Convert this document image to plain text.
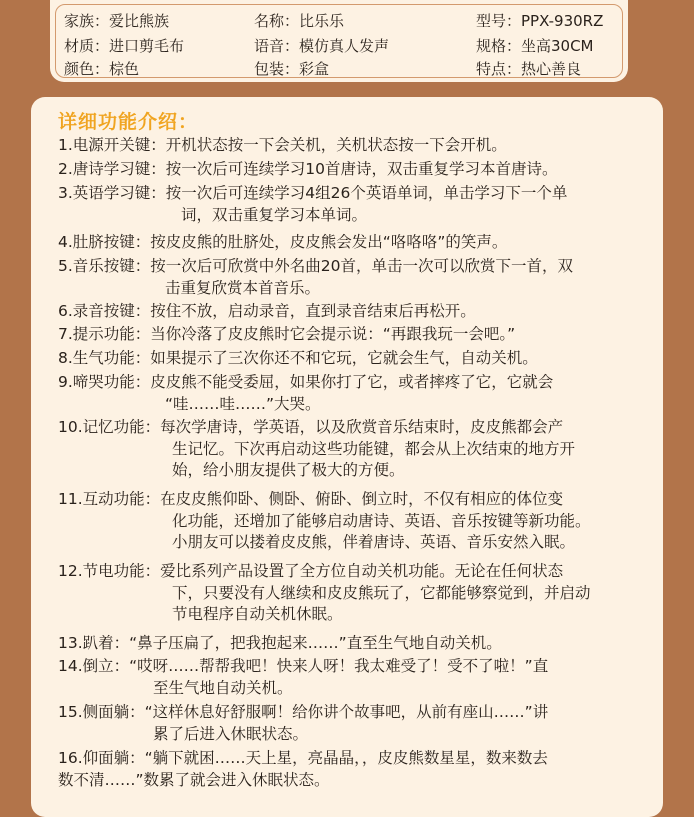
家族：爱比熊族	名称：比乐乐	型号：PPX-930RZ
材质：进口剪毛布	语音：模仿真人发声	规格：坐高30CM
颜色：棕色	包装：彩盒	特点：热心善良
详细功能介绍：
1.电源开关键：开机状态按一下会关机，关机状态按一下会开机。
2.唐诗学习键：按一次后可连续学习10首唐诗，双击重复学习本首唐诗。
3.英语学习键：按一次后可连续学习4组26个英语单词，单击学习下一个单
词，双击重复学习本单词。
4.肚脐按键：按皮皮熊的肚脐处，皮皮熊会发出“咯咯咯”的笑声。
5.音乐按键：按一次后可欣赏中外名曲20首，单击一次可以欣赏下一首，双
击重复欣赏本首音乐。
6.录音按键：按住不放，启动录音，直到录音结束后再松开。
7.提示功能：当你冷落了皮皮熊时它会提示说：“再跟我玩一会吧。”
8.生气功能：如果提示了三次你还不和它玩，它就会生气，自动关机。
9.啼哭功能：皮皮熊不能受委屈，如果你打了它，或者摔疼了它，它就会
“哇……哇……”大哭。
10.记忆功能：每次学唐诗，学英语，以及欣赏音乐结束时，皮皮熊都会产
生记忆。下次再启动这些功能键，都会从上次结束的地方开
始，给小朋友提供了极大的方便。
11.互动功能：在皮皮熊仰卧、侧卧、俯卧、倒立时，不仅有相应的体位变
化功能，还增加了能够启动唐诗、英语、音乐按键等新功能。
小朋友可以搂着皮皮熊，伴着唐诗、英语、音乐安然入眠。
12.节电功能：爱比系列产品设置了全方位自动关机功能。无论在任何状态
下，只要没有人继续和皮皮熊玩了，它都能够察觉到，并启动
节电程序自动关机休眠。
13.趴着：“鼻子压扁了，把我抱起来……”直至生气地自动关机。
14.倒立：“哎呀……帮帮我吧！快来人呀！我太难受了！受不了啦！”直
至生气地自动关机。
15.侧面躺：“这样休息好舒服啊！给你讲个故事吧，从前有座山……”讲
累了后进入休眠状态。
16.仰面躺：“躺下就困……天上星，亮晶晶，，皮皮熊数星星，数来数去
数不清……”数累了就会进入休眠状态。
